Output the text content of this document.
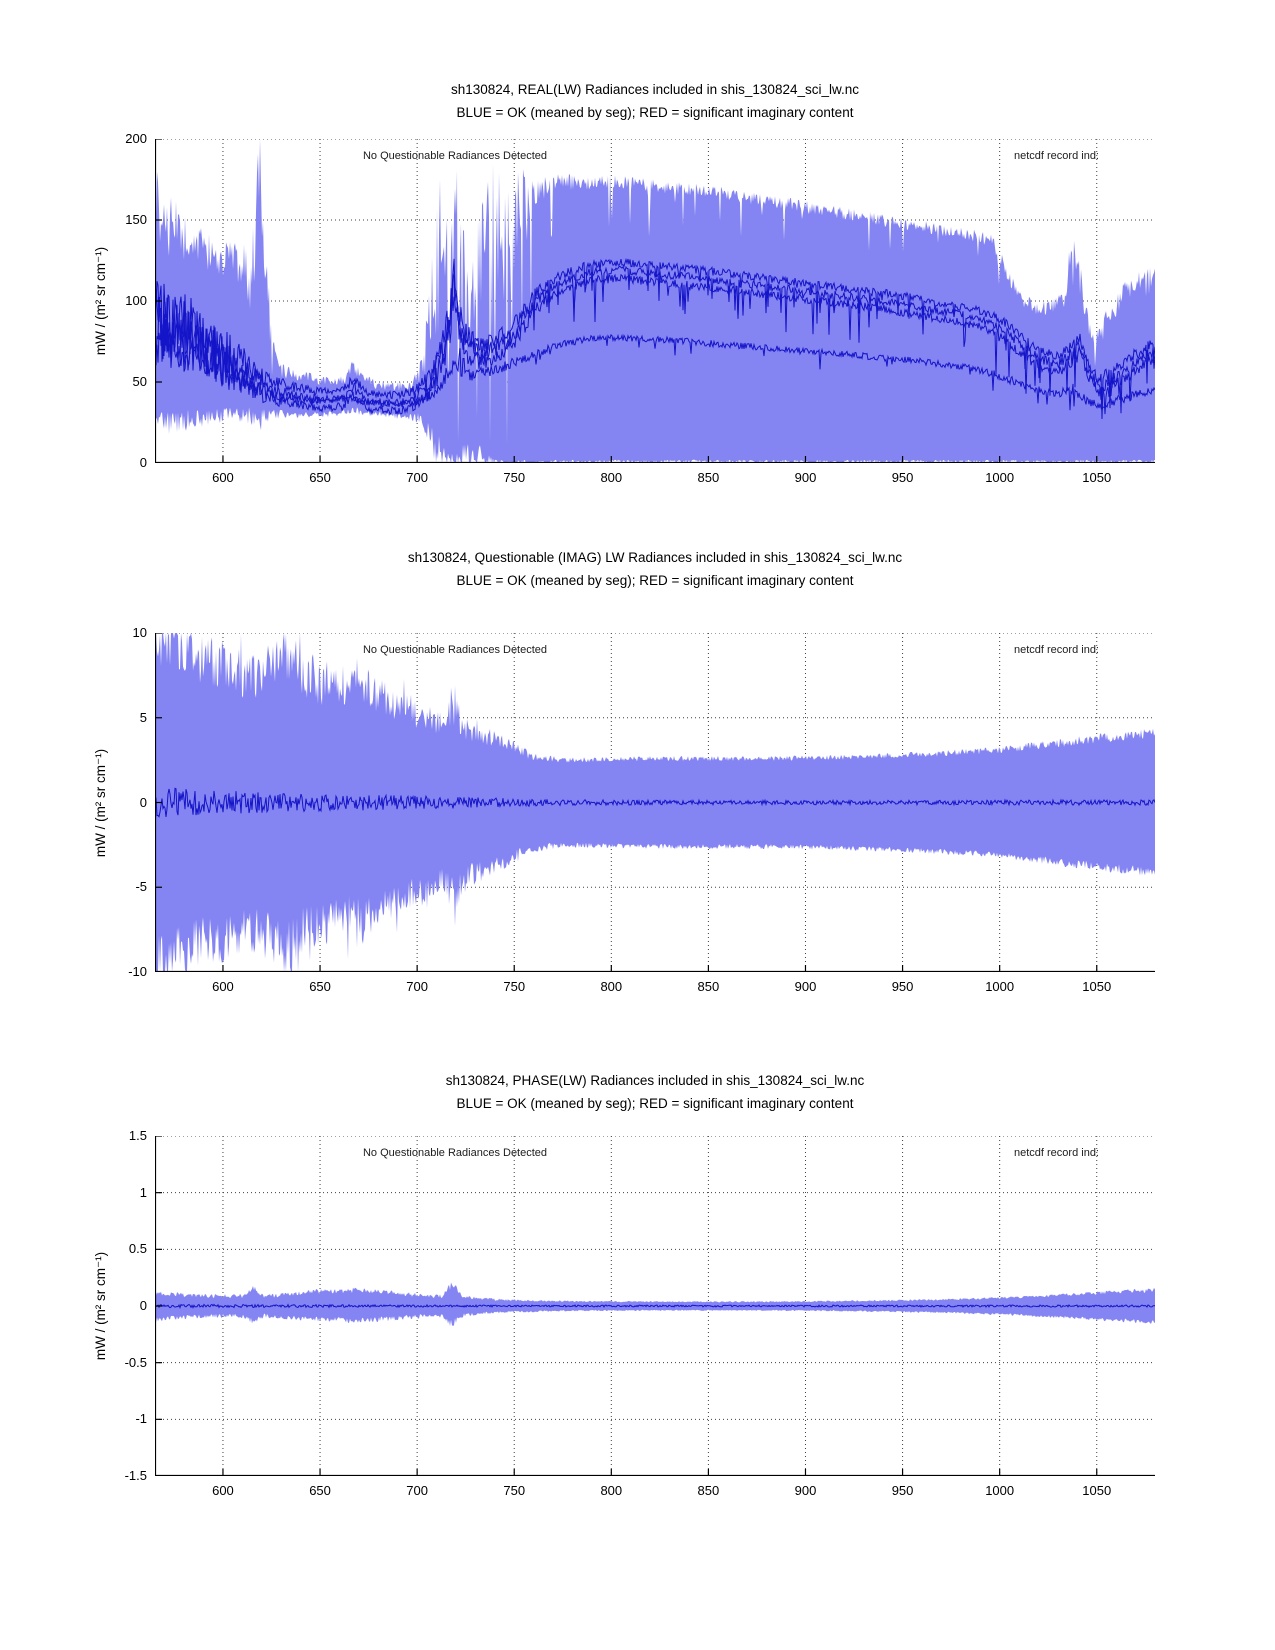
sh130824, REAL(LW) Radiances included in shis_130824_sci_lw.nc
BLUE = OK (meaned by seg); RED = significant imaginary content
No Questionable Radiances Detected	netcdf record ind:
600	650	700	750	800	850	900	950	1000	1050
0
50
100
150
200
mW / (m² sr cm⁻¹)
sh130824, Questionable (IMAG) LW Radiances included in shis_130824_sci_lw.nc
BLUE = OK (meaned by seg); RED = significant imaginary content
No Questionable Radiances Detected	netcdf record ind:
600	650	700	750	800	850	900	950	1000	1050
-10
-5
0
5
10
mW / (m² sr cm⁻¹)
sh130824, PHASE(LW) Radiances included in shis_130824_sci_lw.nc
BLUE = OK (meaned by seg); RED = significant imaginary content
No Questionable Radiances Detected	netcdf record ind:
600	650	700	750	800	850	900	950	1000	1050
-1.5
-1
-0.5
0
0.5
1
1.5
mW / (m² sr cm⁻¹)
